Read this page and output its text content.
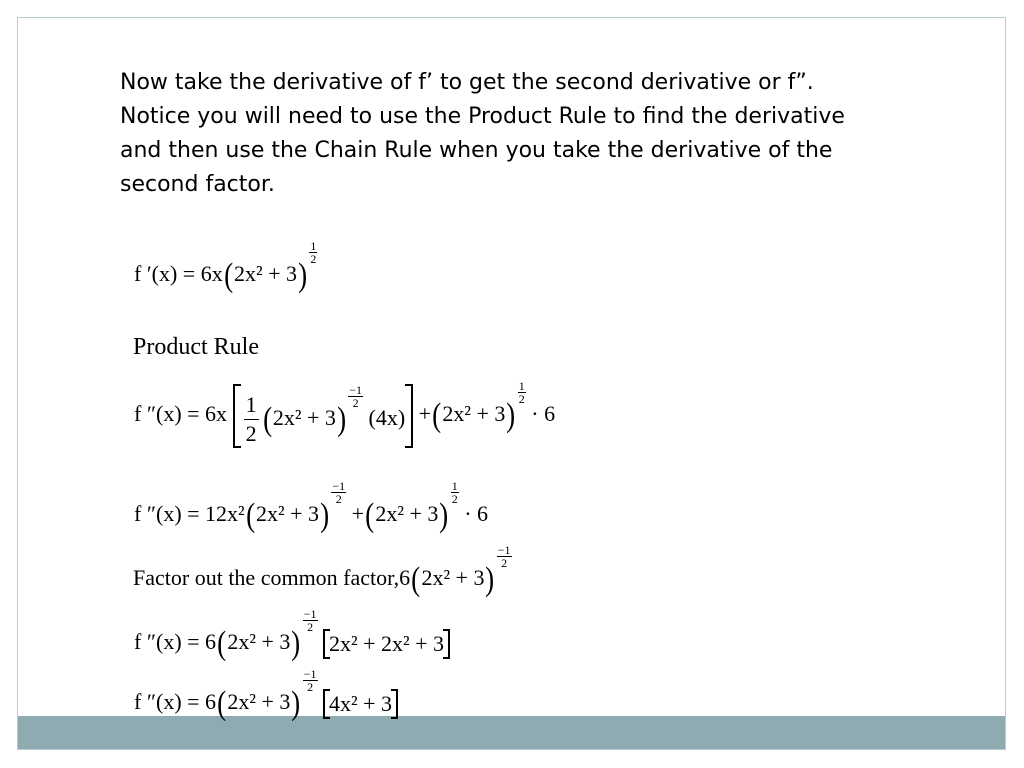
Now take the derivative of f’ to get the second derivative or f”.
Notice you will need to use the Product Rule to find the derivative
and then use the Chain Rule when you take the derivative of the
second factor.
f ′(x) = 6x(2x² + 3)
$\frac{1}{2}$
Product Rule
f $''(x) = 6x \frac{1}{2} (2x^2 + 3)$
$\frac{-1}{2}$
(4x) +(2x² + 3)
$\frac{1}{2}$
· 6
f ″(x) = 12x²(2x² + 3)
$\frac{-1}{2}$
+(2x² + 3)
$\frac{1}{2}$
· 6
Factor out the common factor,6(2x² + 3)
$\frac{-1}{2}$
f ″(x) = 6(2x² + 3)
$\frac{-1}{2}$
2x² + 2x² + 3
f ″(x) = 6(2x² + 3)
$\frac{-1}{2}$
4x² + 3
